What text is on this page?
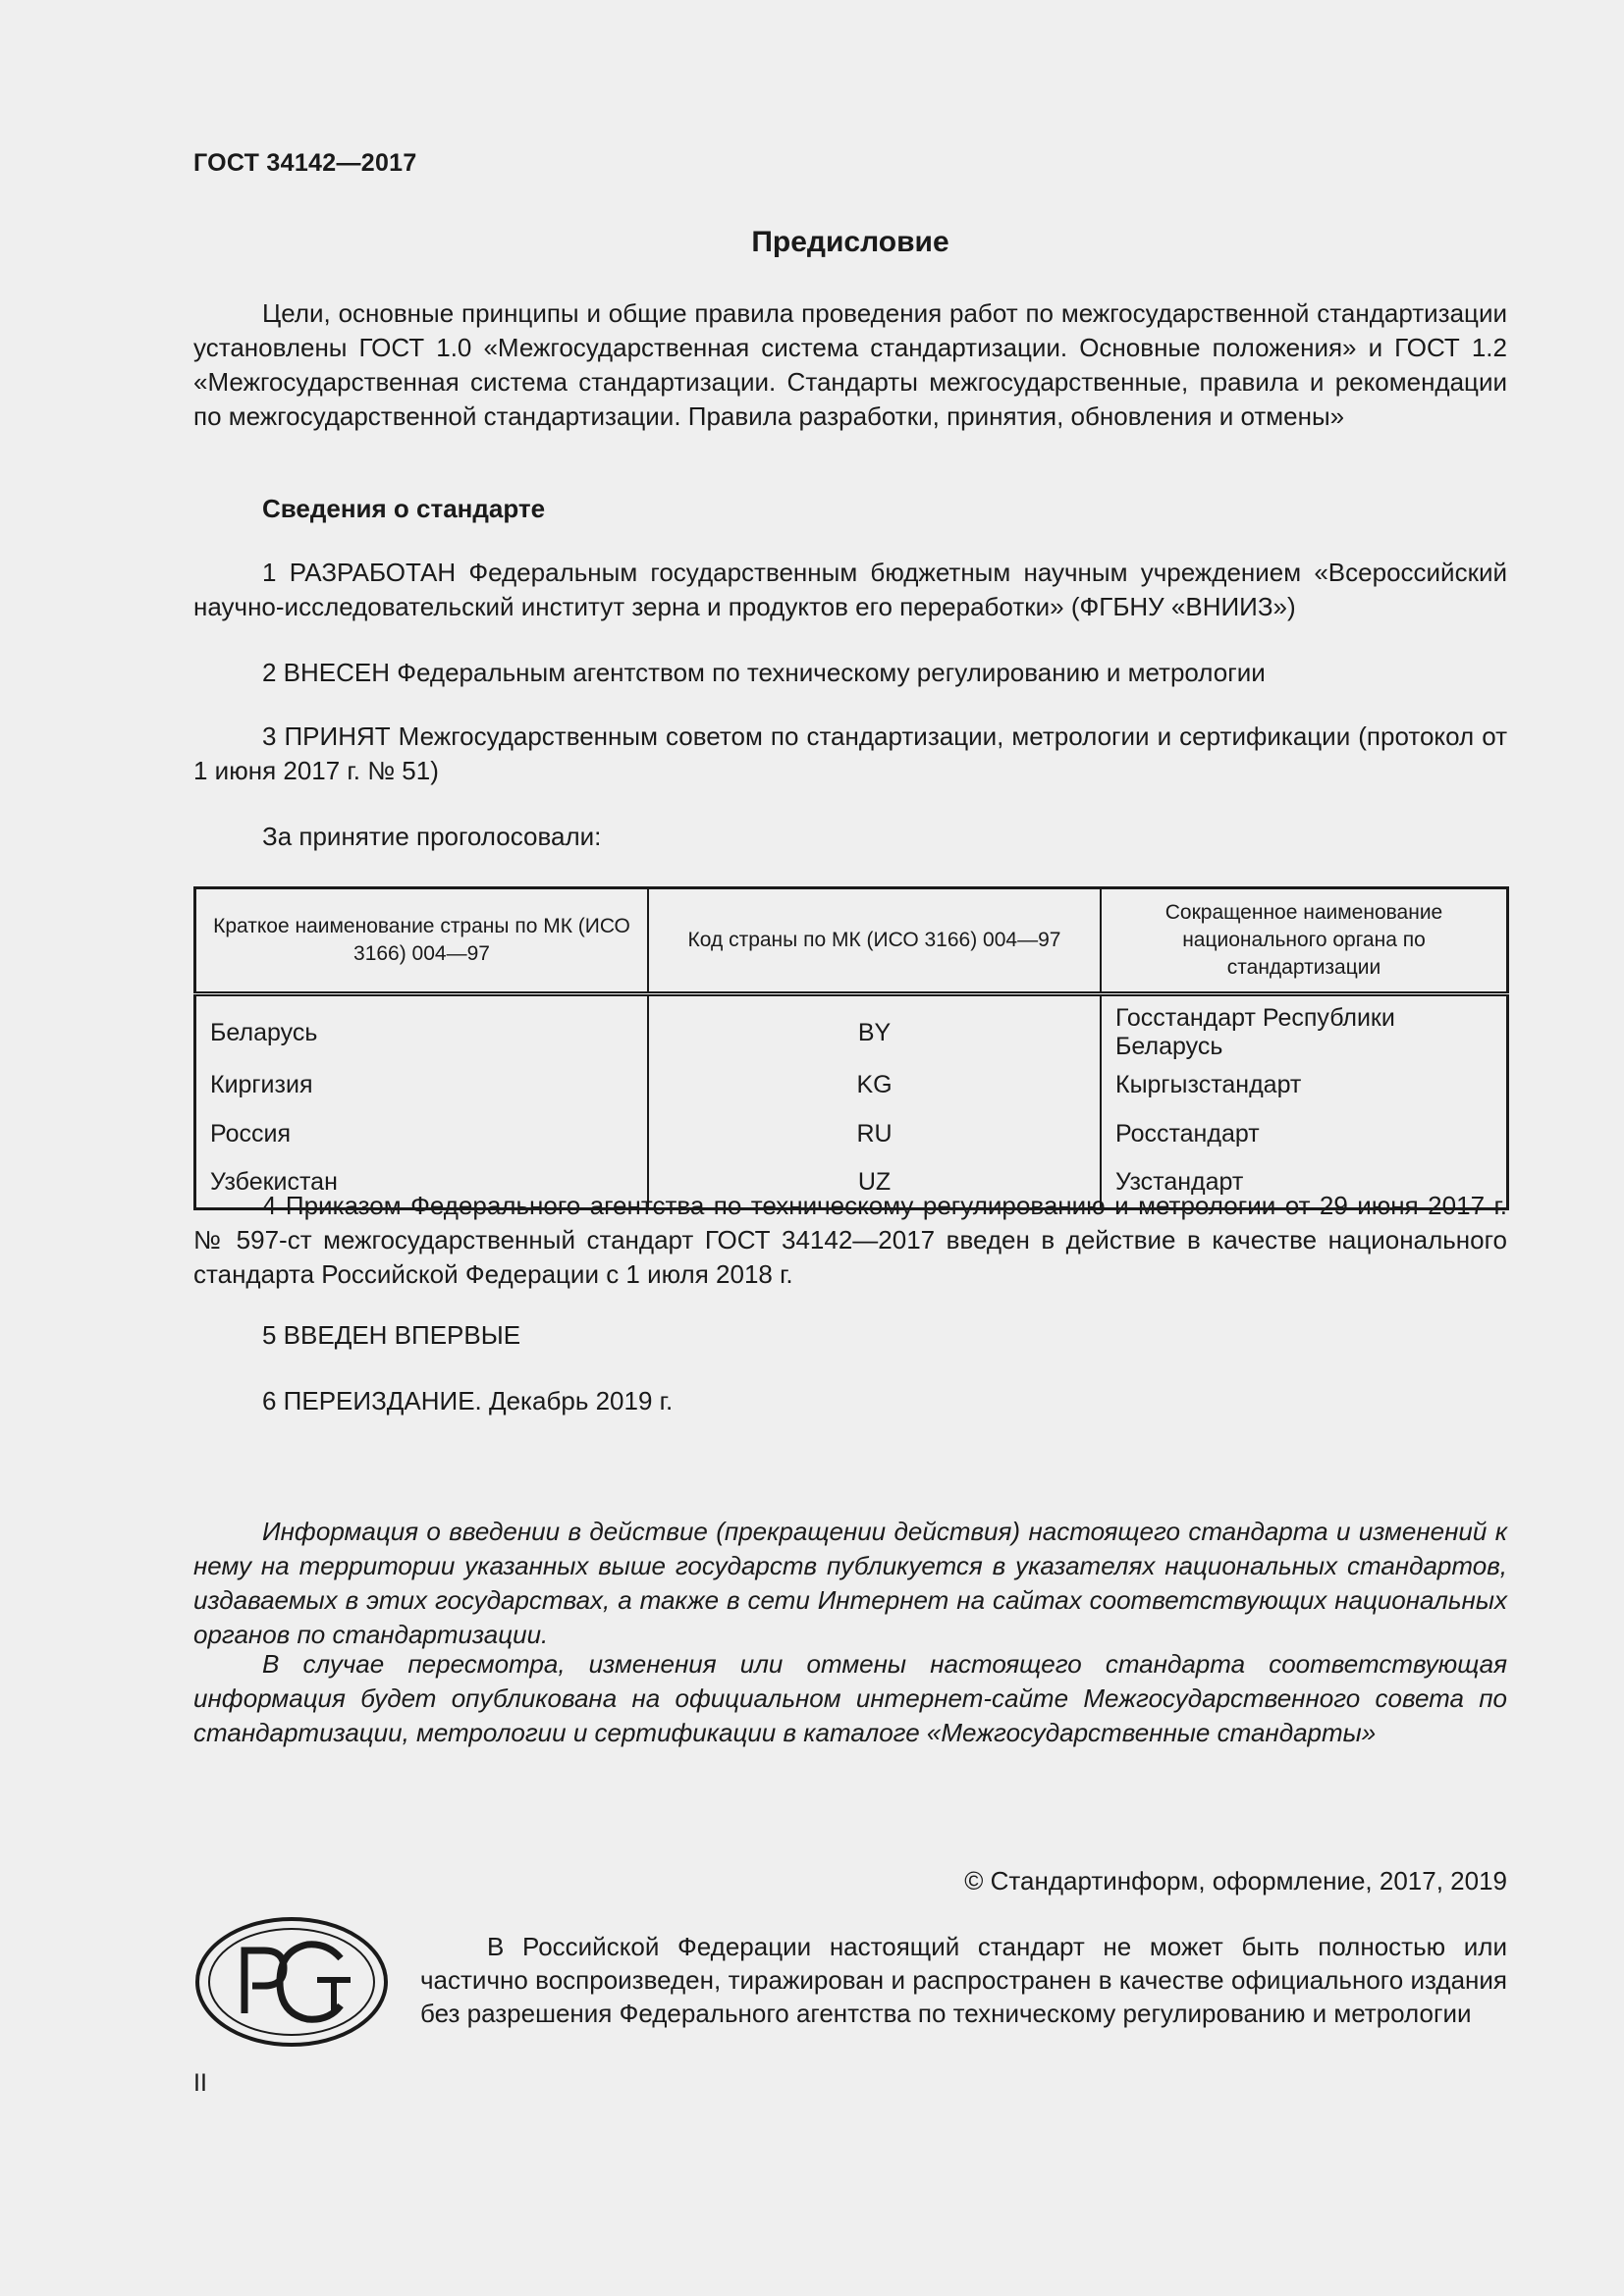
ГОСТ 34142—2017
Предисловие

Цели, основные принципы и общие правила проведения работ по межгосударственной стандартизации установлены ГОСТ 1.0 «Межгосударственная система стандартизации. Основные положения» и ГОСТ 1.2 «Межгосударственная система стандартизации. Стандарты межгосударственные, правила и рекомендации по межгосударственной стандартизации. Правила разработки, принятия, обновления и отмены»

Сведения о стандарте

1 РАЗРАБОТАН Федеральным государственным бюджетным научным учреждением «Всероссийский научно-исследовательский институт зерна и продуктов его переработки» (ФГБНУ «ВНИИЗ»)

2 ВНЕСЕН Федеральным агентством по техническому регулированию и метрологии

3 ПРИНЯТ Межгосударственным советом по стандартизации, метрологии и сертификации (протокол от 1 июня 2017 г. № 51)

За принятие проголосовали:

Краткое наименование страны по МК (ИСО 3166) 004—97	Код страны по МК (ИСО 3166) 004—97	Сокращенное наименование национального органа по стандартизации
Беларусь	BY	Госстандарт Республики Беларусь
Киргизия	KG	Кыргызстандарт
Россия	RU	Росстандарт
Узбекистан	UZ	Узстандарт

4 Приказом Федерального агентства по техническому регулированию и метрологии от 29 июня 2017 г. № 597-ст межгосударственный стандарт ГОСТ 34142—2017 введен в действие в качестве национального стандарта Российской Федерации с 1 июля 2018 г.

5 ВВЕДЕН ВПЕРВЫЕ

6 ПЕРЕИЗДАНИЕ. Декабрь 2019 г.

Информация о введении в действие (прекращении действия) настоящего стандарта и изменений к нему на территории указанных выше государств публикуется в указателях национальных стандартов, издаваемых в этих государствах, а также в сети Интернет на сайтах соответствующих национальных органов по стандартизации.

В случае пересмотра, изменения или отмены настоящего стандарта соответствующая информация будет опубликована на официальном интернет-сайте Межгосударственного совета по стандартизации, метрологии и сертификации в каталоге «Межгосударственные стандарты»

© Стандартинформ, оформление, 2017, 2019

В Российской Федерации настоящий стандарт не может быть полностью или частично воспроизведен, тиражирован и распространен в качестве официального издания без разрешения Федерального агентства по техническому регулированию и метрологии

II
